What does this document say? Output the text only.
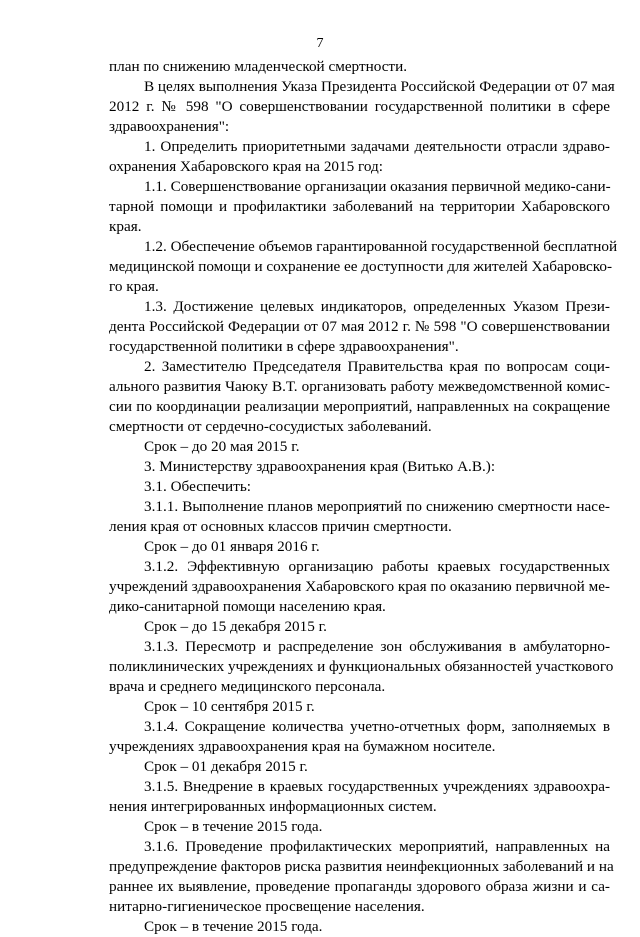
7
план по снижению младенческой смертности.
В целях выполнения Указа Президента Российской Федерации от 07 мая
2012 г. № 598 "О совершенствовании государственной политики в сфере
здравоохранения":
1. Определить приоритетными задачами деятельности отрасли здраво-
охранения Хабаровского края на 2015 год:
1.1. Совершенствование организации оказания первичной медико-сани-
тарной помощи и профилактики заболеваний на территории Хабаровского
края.
1.2. Обеспечение объемов гарантированной государственной бесплатной
медицинской помощи и сохранение ее доступности для жителей Хабаровско-
го края.
1.3. Достижение целевых индикаторов, определенных Указом Прези-
дента Российской Федерации от 07 мая 2012 г. № 598 "О совершенствовании
государственной политики в сфере здравоохранения".
2. Заместителю Председателя Правительства края по вопросам соци-
ального развития Чаюку В.Т. организовать работу межведомственной комис-
сии по координации реализации мероприятий, направленных на сокращение
смертности от сердечно-сосудистых заболеваний.
Срок – до 20 мая 2015 г.
3. Министерству здравоохранения края (Витько А.В.):
3.1. Обеспечить:
3.1.1. Выполнение планов мероприятий по снижению смертности насе-
ления края от основных классов причин смертности.
Срок – до 01 января 2016 г.
3.1.2. Эффективную организацию работы краевых государственных
учреждений здравоохранения Хабаровского края по оказанию первичной ме-
дико-санитарной помощи населению края.
Срок – до 15 декабря 2015 г.
3.1.3. Пересмотр и распределение зон обслуживания в амбулаторно-
поликлинических учреждениях и функциональных обязанностей участкового
врача и среднего медицинского персонала.
Срок – 10 сентября 2015 г.
3.1.4. Сокращение количества учетно-отчетных форм, заполняемых в
учреждениях здравоохранения края на бумажном носителе.
Срок – 01 декабря 2015 г.
3.1.5. Внедрение в краевых государственных учреждениях здравоохра-
нения интегрированных информационных систем.
Срок – в течение 2015 года.
3.1.6. Проведение профилактических мероприятий, направленных на
предупреждение факторов риска развития неинфекционных заболеваний и на
раннее их выявление, проведение пропаганды здорового образа жизни и са-
нитарно-гигиеническое просвещение населения.
Срок – в течение 2015 года.
